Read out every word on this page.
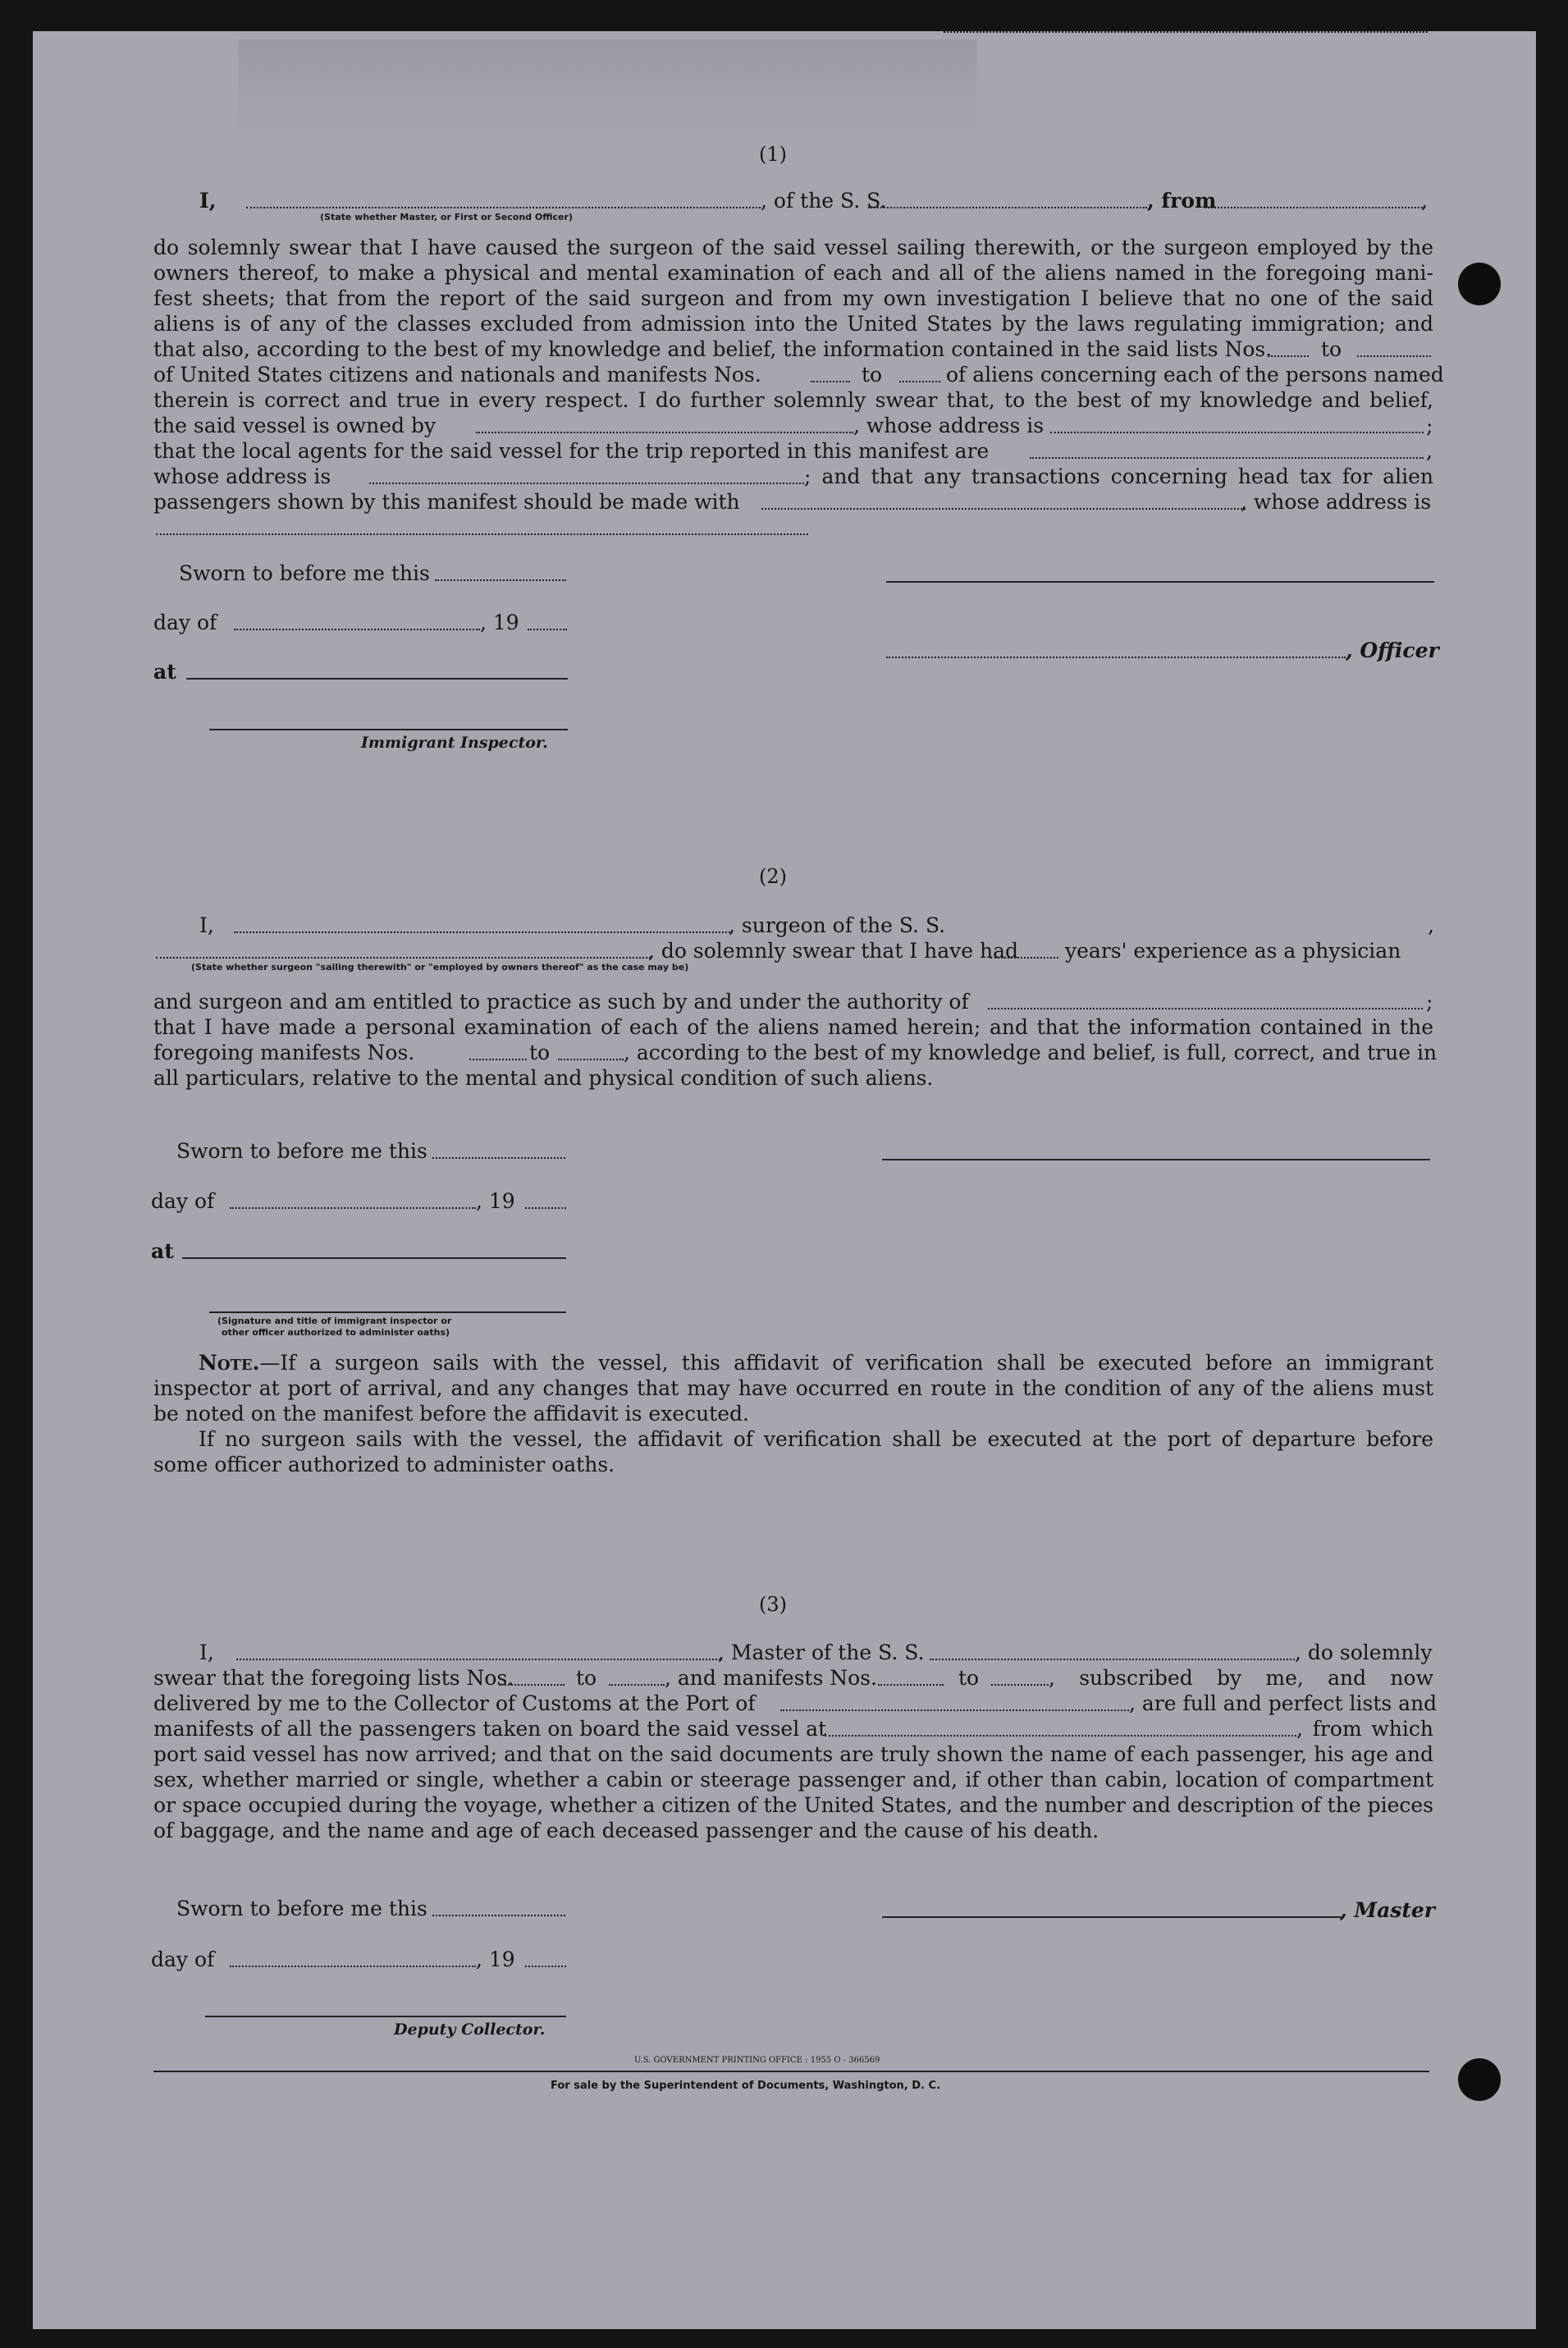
(1)
I,	, of the S. S.	, from	,
(State whether Master, or First or Second Officer)
do solemnly swear that I have caused the surgeon of the said vessel sailing therewith, or the surgeon employed by the
owners thereof, to make a physical and mental examination of each and all of the aliens named in the foregoing mani-
fest sheets; that from the report of the said surgeon and from my own investigation I believe that no one of the said
aliens is of any of the classes excluded from admission into the United States by the laws regulating immigration; and
that also, according to the best of my knowledge and belief, the information contained in the said lists Nos. to
of United States citizens and nationals and manifests Nos.	to	of aliens concerning each of the persons named
therein is correct and true in every respect. I do further solemnly swear that, to the best of my knowledge and belief,
the said vessel is owned by	, whose address is	;
that the local agents for the said vessel for the trip reported in this manifest are	,
whose address is	; and that any transactions concerning head tax for alien
passengers shown by this manifest should be made with	, whose address is
Sworn to before me this
day of	, 19
, Officer
at
Immigrant Inspector.
(2)
I,	, surgeon of the S. S.	,
, do solemnly swear that I have had years' experience as a physician
(State whether surgeon "sailing therewith" or "employed by owners thereof" as the case may be)
and surgeon and am entitled to practice as such by and under the authority of	;
that I have made a personal examination of each of the aliens named herein; and that the information contained in the
foregoing manifests Nos.	to	, according to the best of my knowledge and belief, is full, correct, and true in
all particulars, relative to the mental and physical condition of such aliens.
Sworn to before me this
day of	, 19
at
(Signature and title of immigrant inspector or
other officer authorized to administer oaths)
Note.—If a surgeon sails with the vessel, this affidavit of verification shall be executed before an immigrant
inspector at port of arrival, and any changes that may have occurred en route in the condition of any of the aliens must
be noted on the manifest before the affidavit is executed.
If no surgeon sails with the vessel, the affidavit of verification shall be executed at the port of departure before
some officer authorized to administer oaths.
(3)
I,	, Master of the S. S.	, do solemnly
swear that the foregoing lists Nos.	to	, and manifests Nos.	to	, subscribed by me, and now
delivered by me to the Collector of Customs at the Port of	, are full and perfect lists and
manifests of all the passengers taken on board the said vessel at	, from which
port said vessel has now arrived; and that on the said documents are truly shown the name of each passenger, his age and
sex, whether married or single, whether a cabin or steerage passenger and, if other than cabin, location of compartment
or space occupied during the voyage, whether a citizen of the United States, and the number and description of the pieces
of baggage, and the name and age of each deceased passenger and the cause of his death.
Sworn to before me this	, Master
day of	, 19
Deputy Collector.
U.S. GOVERNMENT PRINTING OFFICE : 1955 O - 366569
For sale by the Superintendent of Documents, Washington, D. C.
